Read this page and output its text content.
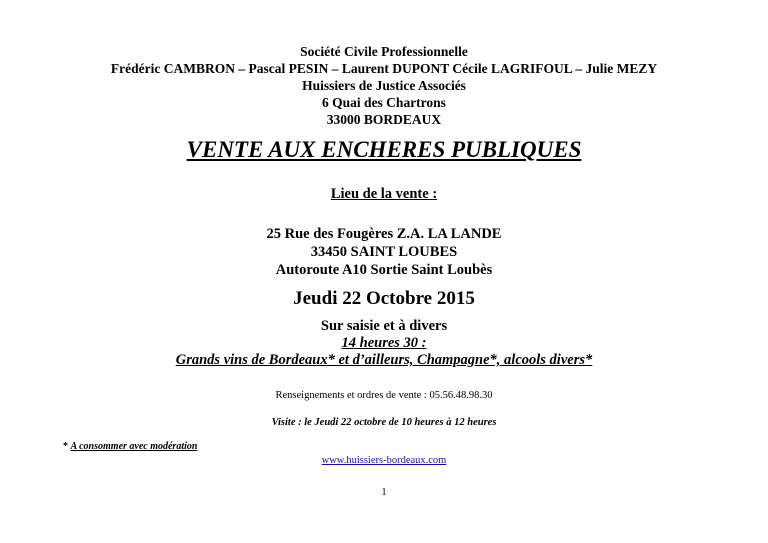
Société Civile Professionnelle
Frédéric CAMBRON – Pascal PESIN – Laurent DUPONT Cécile LAGRIFOUL – Julie MEZY
Huissiers de Justice Associés
6 Quai des Chartrons
33000 BORDEAUX
VENTE AUX ENCHERES PUBLIQUES
Lieu de la vente :
25 Rue des Fougères Z.A. LA LANDE
33450 SAINT LOUBES
Autoroute A10 Sortie Saint Loubès
Jeudi 22 Octobre 2015
Sur saisie et à divers
14 heures 30 :
Grands vins de Bordeaux* et d’ailleurs, Champagne*, alcools divers*
Renseignements et ordres de vente : 05.56.48.98.30
Visite : le Jeudi 22 octobre de 10 heures à 12 heures
* A consommer avec modération
www.huissiers-bordeaux.com
1
